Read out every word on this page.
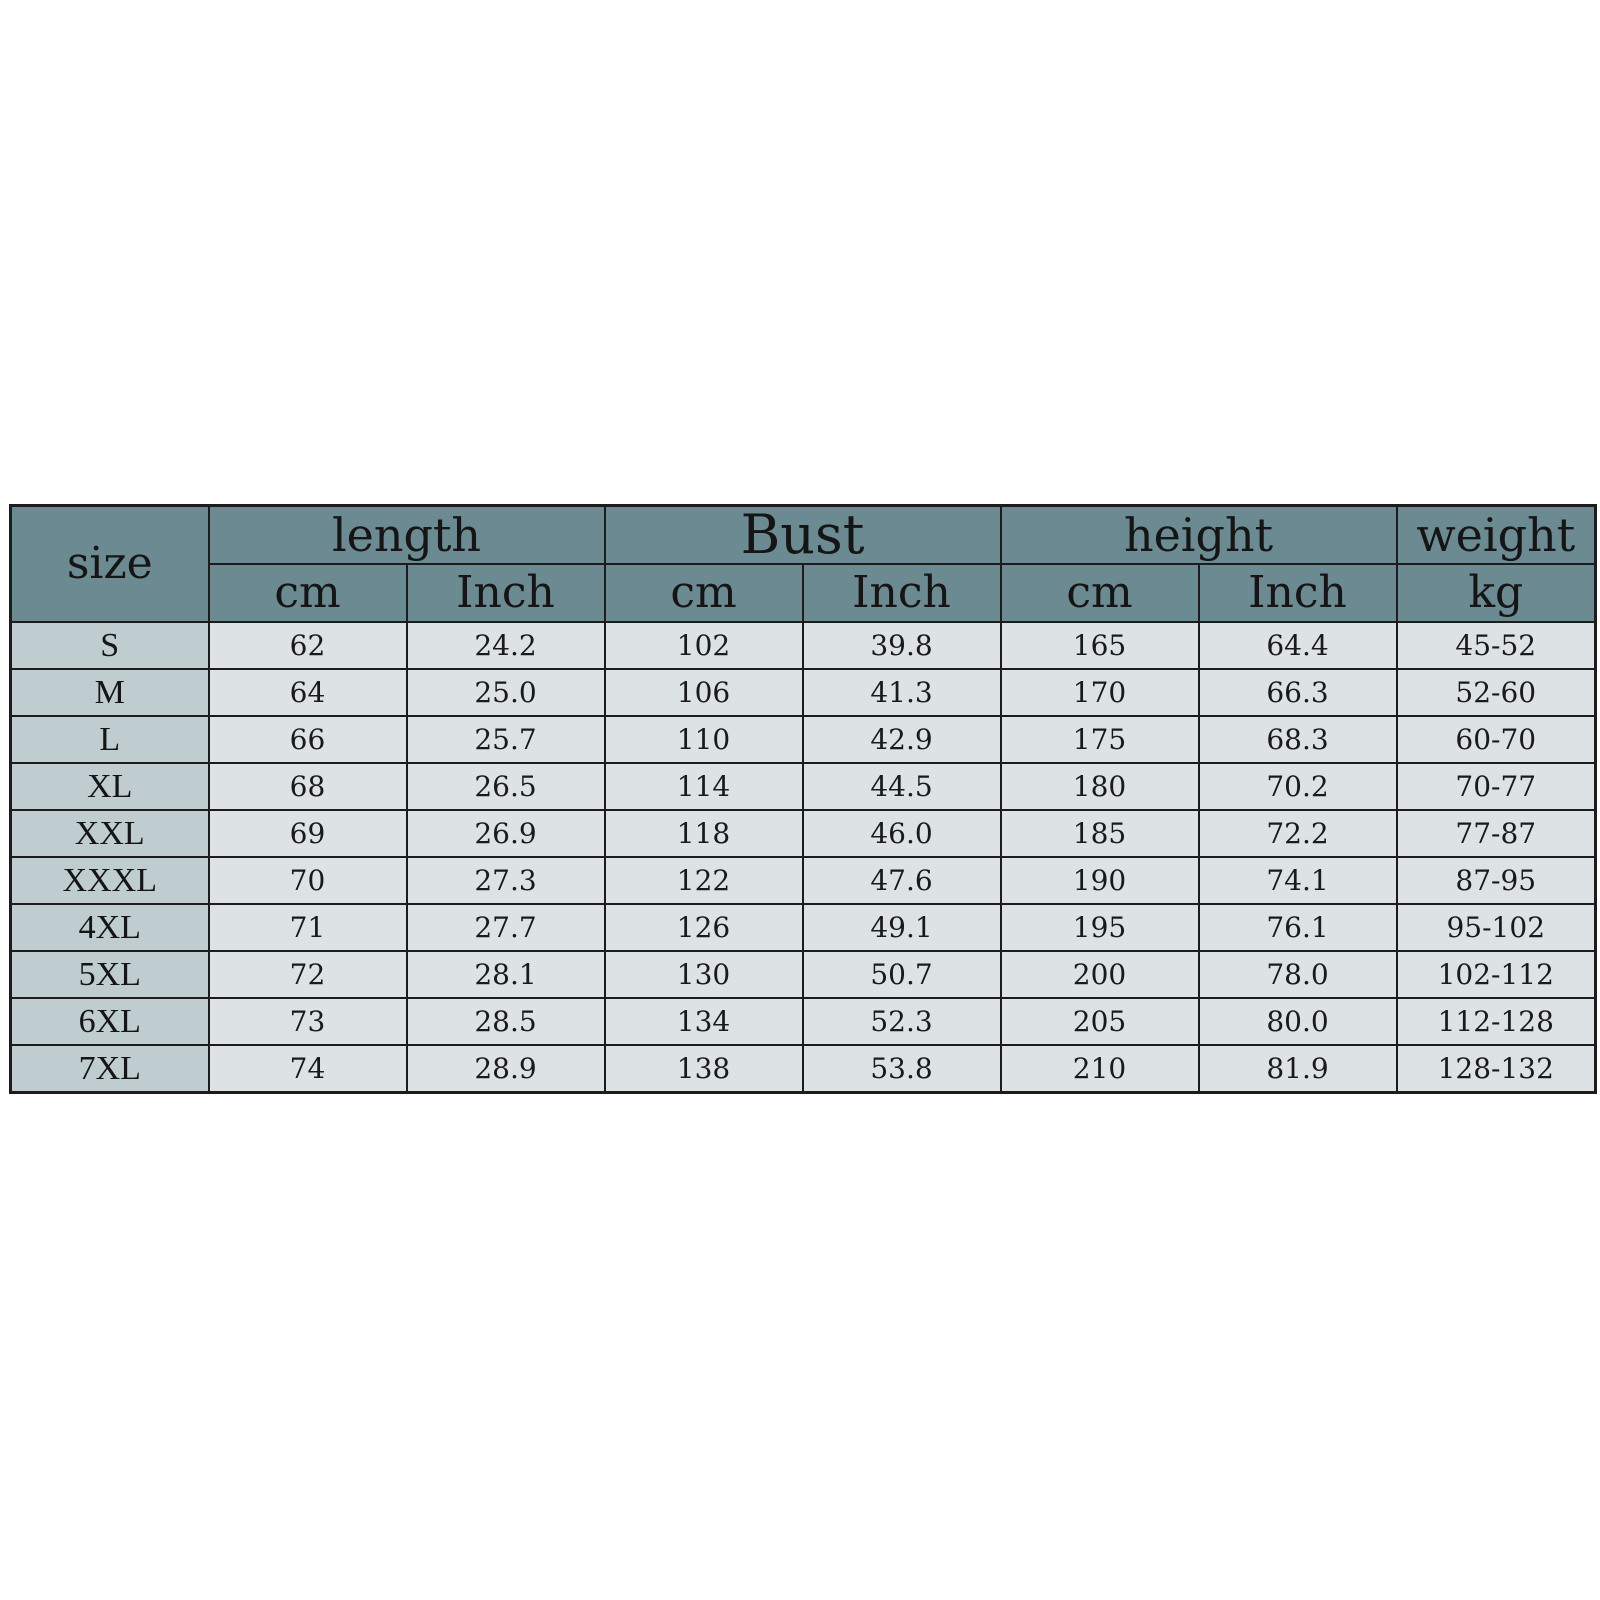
size	length		Bust		height		weight
	cm	Inch	cm	Inch	cm	Inch	kg
S	62	24.2	102	39.8	165	64.4	45-52
M	64	25.0	106	41.3	170	66.3	52-60
L	66	25.7	110	42.9	175	68.3	60-70
XL	68	26.5	114	44.5	180	70.2	70-77
XXL	69	26.9	118	46.0	185	72.2	77-87
XXXL	70	27.3	122	47.6	190	74.1	87-95
4XL	71	27.7	126	49.1	195	76.1	95-102
5XL	72	28.1	130	50.7	200	78.0	102-112
6XL	73	28.5	134	52.3	205	80.0	112-128
7XL	74	28.9	138	53.8	210	81.9	128-132
